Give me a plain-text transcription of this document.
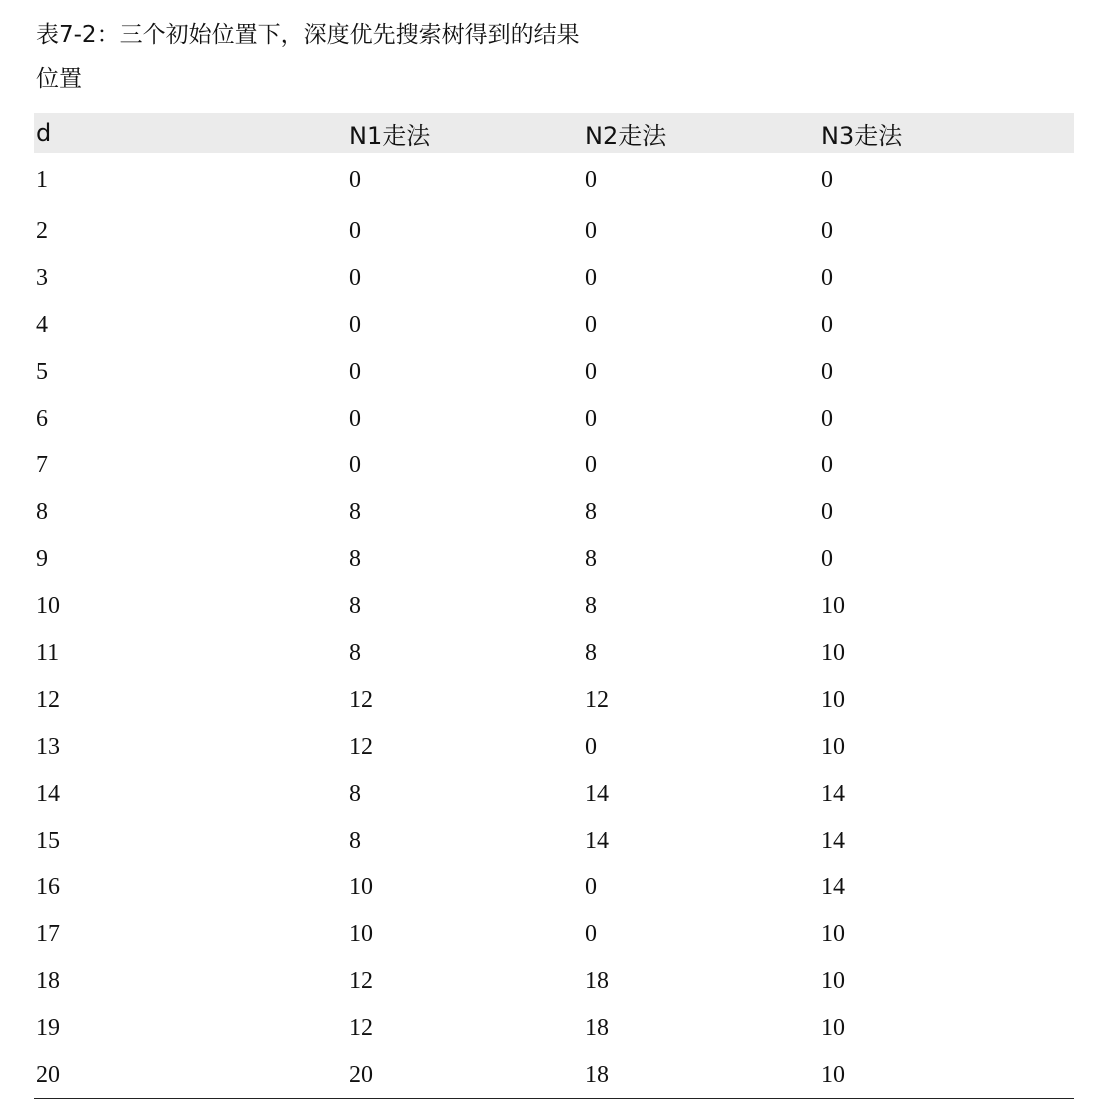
表7-2：三个初始位置下，深度优先搜索树得到的结果
位置
d	N1走法	N2走法	N3走法
1	0	0	0
2	0	0	0
3	0	0	0
4	0	0	0
5	0	0	0
6	0	0	0
7	0	0	0
8	8	8	0
9	8	8	0
10	8	8	10
11	8	8	10
12	12	12	10
13	12	0	10
14	8	14	14
15	8	14	14
16	10	0	14
17	10	0	10
18	12	18	10
19	12	18	10
20	20	18	10
